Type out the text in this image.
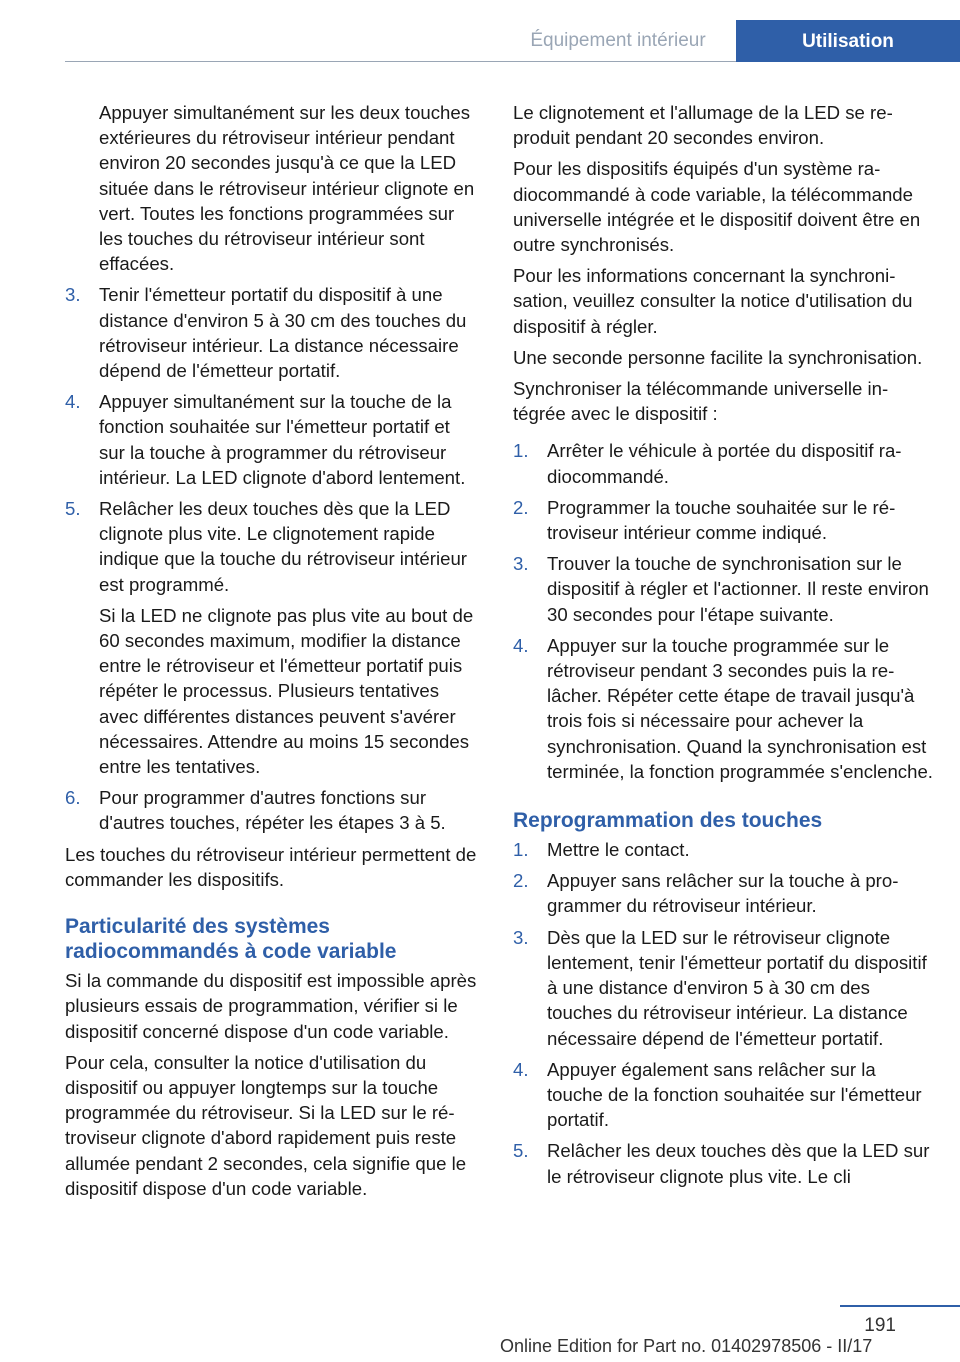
Équipement intérieur	Utilisation

Appuyer simultanément sur les deux touches extérieures du rétroviseur intérieur pendant environ 20 secondes jusqu'à ce que la LED située dans le rétroviseur intérieur clignote en vert. Toutes les fonctions programmées sur les touches du rétroviseur intérieur sont effacées.

3. Tenir l'émetteur portatif du dispositif à une distance d'environ 5 à 30 cm des touches du rétroviseur intérieur. La distance nécessaire dépend de l'émetteur portatif.
4. Appuyer simultanément sur la touche de la fonction souhaitée sur l'émetteur portatif et sur la touche à programmer du rétroviseur intérieur. La LED clignote d'abord lentement.
5. Relâcher les deux touches dès que la LED clignote plus vite. Le clignotement rapide indique que la touche du rétroviseur intérieur est programmé.
Si la LED ne clignote pas plus vite au bout de 60 secondes maximum, modifier la distance entre le rétroviseur et l'émetteur portatif puis répéter le processus. Plusieurs tentatives avec différentes distances peuvent s'avérer nécessaires. Attendre au moins 15 secondes entre les tentatives.
6. Pour programmer d'autres fonctions sur d'autres touches, répéter les étapes 3 à 5.

Les touches du rétroviseur intérieur permettent de commander les dispositifs.

Particularité des systèmes radiocommandés à code variable

Si la commande du dispositif est impossible après plusieurs essais de programmation, vérifier si le dispositif concerné dispose d'un code variable.

Pour cela, consulter la notice d'utilisation du dispositif ou appuyer longtemps sur la touche programmée du rétroviseur. Si la LED sur le rétroviseur clignote d'abord rapidement puis reste allumée pendant 2 secondes, cela signifie que le dispositif dispose d'un code variable.

Le clignotement et l'allumage de la LED se reproduit pendant 20 secondes environ.

Pour les dispositifs équipés d'un système radiocommandé à code variable, la télécommande universelle intégrée et le dispositif doivent être en outre synchronisés.

Pour les informations concernant la synchronisation, veuillez consulter la notice d'utilisation du dispositif à régler.

Une seconde personne facilite la synchronisation.

Synchroniser la télécommande universelle intégrée avec le dispositif :

1. Arrêter le véhicule à portée du dispositif radiocommandé.
2. Programmer la touche souhaitée sur le rétroviseur intérieur comme indiqué.
3. Trouver la touche de synchronisation sur le dispositif à régler et l'actionner. Il reste environ 30 secondes pour l'étape suivante.
4. Appuyer sur la touche programmée sur le rétroviseur pendant 3 secondes puis la relâcher. Répéter cette étape de travail jusqu'à trois fois si nécessaire pour achever la synchronisation. Quand la synchronisation est terminée, la fonction programmée s'enclenche.
Reprogrammation des touches
1. Mettre le contact.
2. Appuyer sans relâcher sur la touche à programmer du rétroviseur intérieur.
3. Dès que la LED sur le rétroviseur clignote lentement, tenir l'émetteur portatif du dispositif à une distance d'environ 5 à 30 cm des touches du rétroviseur intérieur. La distance nécessaire dépend de l'émetteur portatif.
4. Appuyer également sans relâcher sur la touche de la fonction souhaitée sur l'émetteur portatif.
5. Relâcher les deux touches dès que la LED sur le rétroviseur clignote plus vite. Le cli
191
Online Edition for Part no. 01402978506 - II/17
